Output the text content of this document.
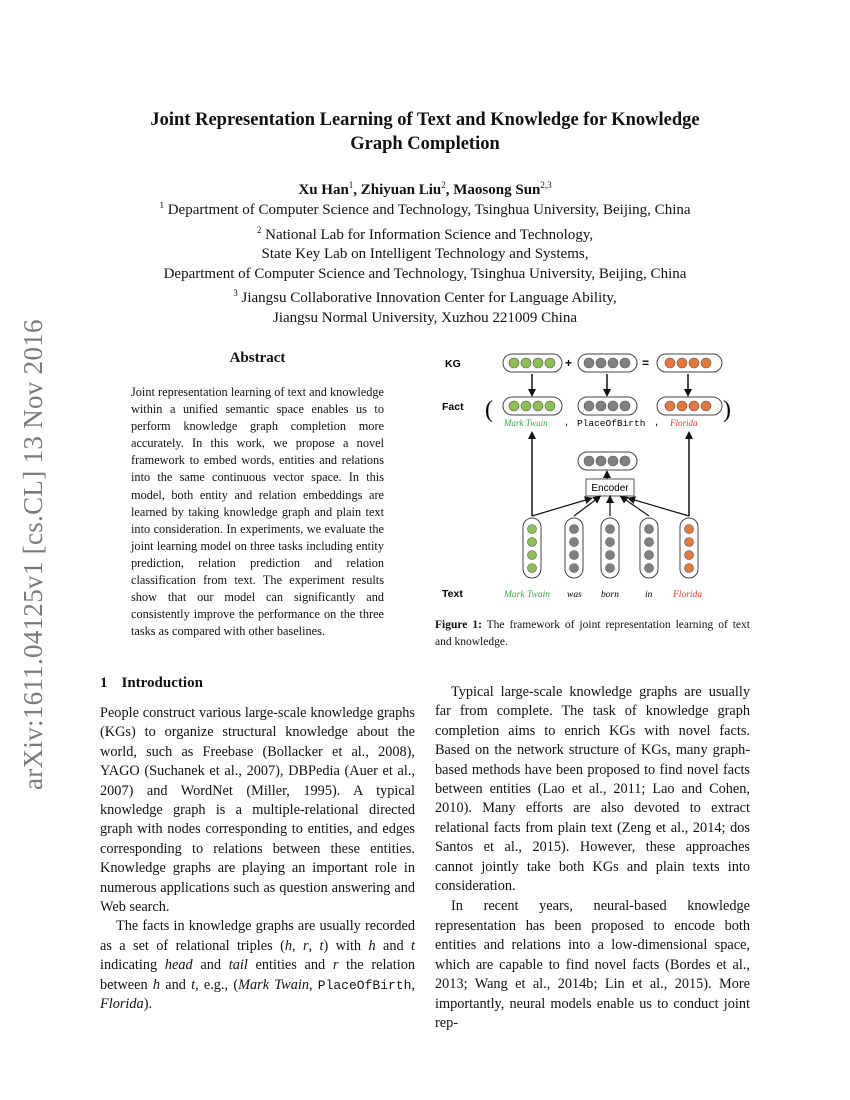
Joint Representation Learning of Text and Knowledge for Knowledge
Graph Completion
Xu Han$^1$, Zhiyuan Liu$^2$, Maosong Sun$^{2,3}$
$^1$ Department of Computer Science and Technology, Tsinghua University, Beijing, China
$^2$ National Lab for Information Science and Technology,
State Key Lab on Intelligent Technology and Systems,
Department of Computer Science and Technology, Tsinghua University, Beijing, China
$^3$ Jiangsu Collaborative Innovation Center for Language Ability,
Jiangsu Normal University, Xuzhou 221009 China
arXiv:1611.04125v1 [cs.CL] 13 Nov 2016	Abstract
Joint representation learning of text and knowledge within a unified semantic space enables us to perform knowledge graph completion more accurately. In this work, we propose a novel framework to embed words, entities and relations into the same continuous vector space. In this model, both entity and relation embeddings are learned by taking knowledge graph and plain text into consideration. In experiments, we evaluate the joint learning model on three tasks including entity prediction, relation prediction and relation classification from text. The experiment results show that our model can significantly and consistently improve the performance on the three tasks as compared with other baselines.
1 Introduction

People construct various large-scale knowledge graphs (KGs) to organize structural knowledge about the world, such as Freebase (Bollacker et al., 2008), YAGO (Suchanek et al., 2007), DBPedia (Auer et al., 2007) and WordNet (Miller, 1995). A typical knowledge graph is a multiple-relational directed graph with nodes corresponding to entities, and edges corresponding to relations between these entities. Knowledge graphs are playing an important role in numerous applications such as question answering and Web search.

The facts in knowledge graphs are usually recorded as a set of relational triples (h, r, t) with h and t indicating head and tail entities and r the relation between h and t, e.g., (Mark Twain, PlaceOfBirth, Florida).

Typical large-scale knowledge graphs are usually far from complete. The task of knowledge graph completion aims to enrich KGs with novel facts. Based on the network structure of KGs, many graph-based methods have been proposed to find novel facts between entities (Lao et al., 2011; Lao and Cohen, 2010). Many efforts are also devoted to extract relational facts from plain text (Zeng et al., 2014; dos Santos et al., 2015). However, these approaches cannot jointly take both KGs and plain texts into consideration.

In recent years, neural-based knowledge representation has been proposed to encode both entities and relations into a low-dimensional space, which are capable to find novel facts (Bordes et al., 2013; Wang et al., 2014b; Lin et al., 2015). More importantly, neural models enable us to conduct joint rep-

KG
Fact
Text
+	=
(	)
Mark Twain , PlaceOfBirth , Florida
Encoder
Mark Twain was born	in Florida
Figure 1: The framework of joint representation learning of text and knowledge.
